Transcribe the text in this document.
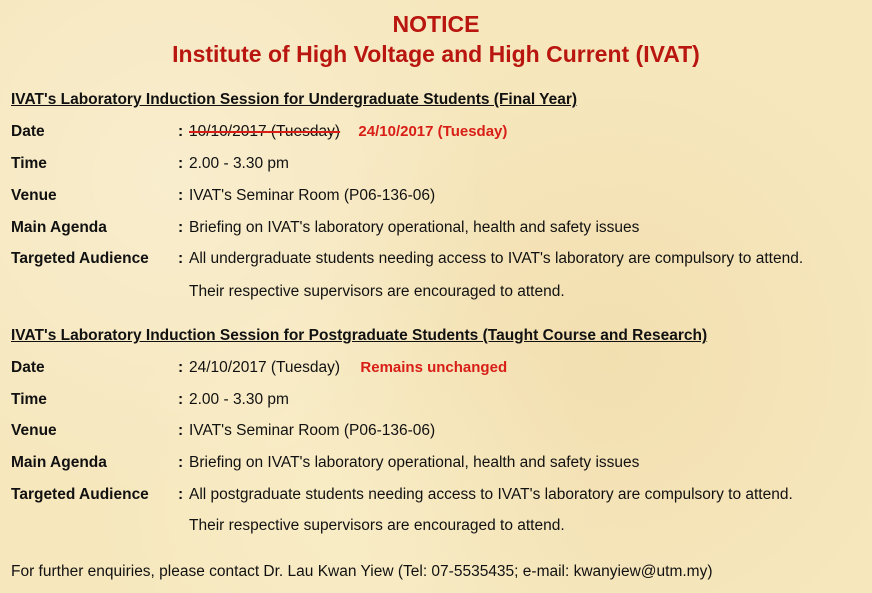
NOTICE
Institute of High Voltage and High Current (IVAT)
IVAT's Laboratory Induction Session for Undergraduate Students (Final Year)
Date	: 10/10/2017 (Tuesday) 24/10/2017 (Tuesday)
Time	: 2.00 - 3.30 pm
Venue	: IVAT's Seminar Room (P06-136-06)
Main Agenda	: Briefing on IVAT's laboratory operational, health and safety issues
Targeted Audience : All undergraduate students needing access to IVAT's laboratory are compulsory to attend.
Their respective supervisors are encouraged to attend.
IVAT's Laboratory Induction Session for Postgraduate Students (Taught Course and Research)
Date	: 24/10/2017 (Tuesday) Remains unchanged
Time	: 2.00 - 3.30 pm
Venue	: IVAT's Seminar Room (P06-136-06)
Main Agenda	: Briefing on IVAT's laboratory operational, health and safety issues
Targeted Audience : All postgraduate students needing access to IVAT's laboratory are compulsory to attend.
Their respective supervisors are encouraged to attend.
For further enquiries, please contact Dr. Lau Kwan Yiew (Tel: 07-5535435; e-mail: kwanyiew@utm.my)
